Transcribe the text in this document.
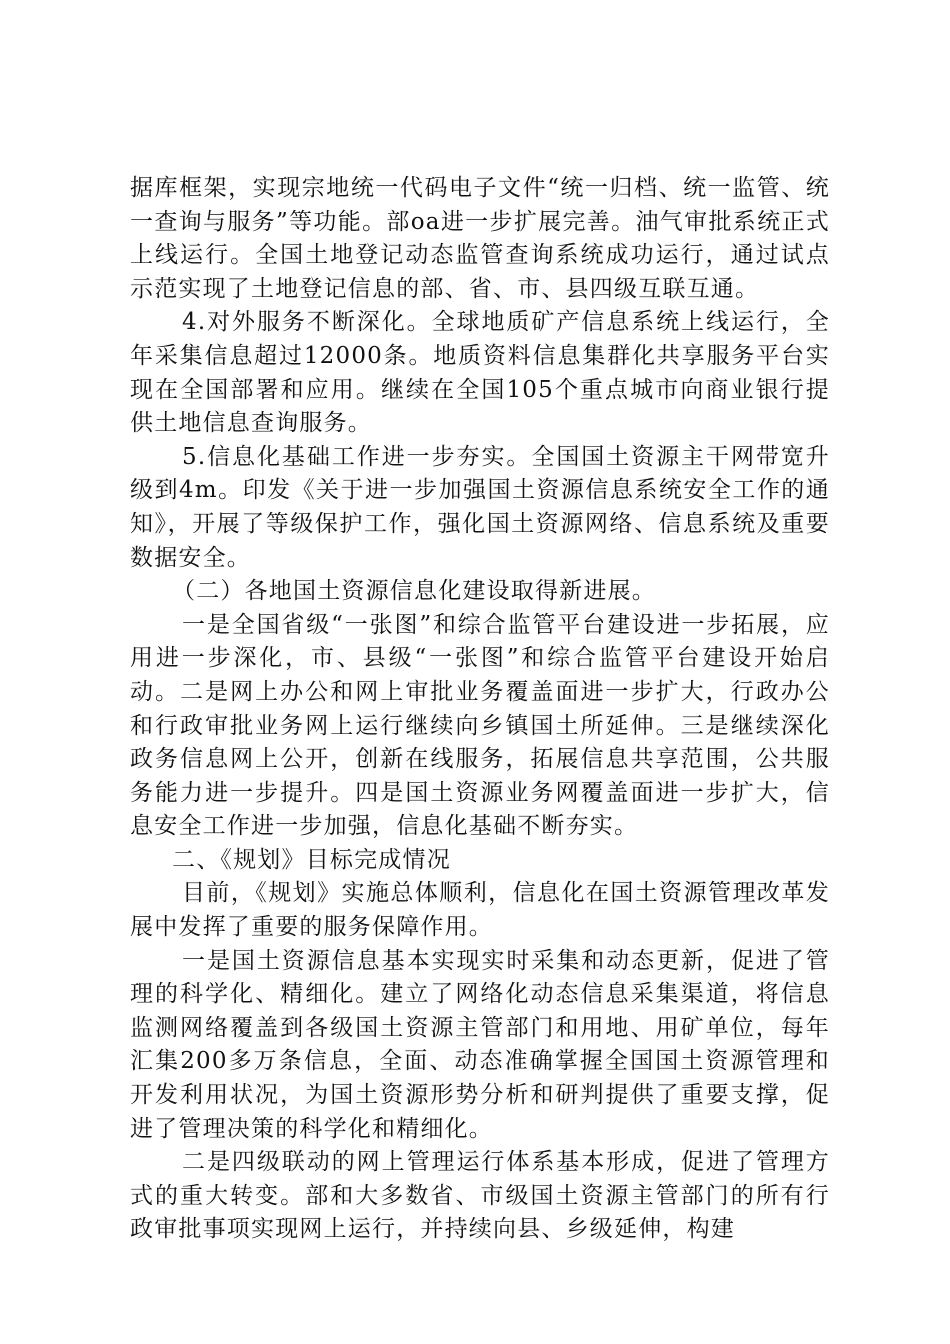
据库框架，实现宗地统一代码电子文件“统一归档、统一监管、统一查询与服务”等功能。部oa进一步扩展完善。油气审批系统正式上线运行。全国土地登记动态监管查询系统成功运行，通过试点示范实现了土地登记信息的部、省、市、县四级互联互通。

4.对外服务不断深化。全球地质矿产信息系统上线运行，全年采集信息超过12000条。地质资料信息集群化共享服务平台实现在全国部署和应用。继续在全国105个重点城市向商业银行提供土地信息查询服务。

5.信息化基础工作进一步夯实。全国国土资源主干网带宽升级到4m。印发《关于进一步加强国土资源信息系统安全工作的通知》，开展了等级保护工作，强化国土资源网络、信息系统及重要数据安全。

（二）各地国土资源信息化建设取得新进展。

一是全国省级“一张图”和综合监管平台建设进一步拓展，应用进一步深化，市、县级“一张图”和综合监管平台建设开始启动。二是网上办公和网上审批业务覆盖面进一步扩大，行政办公和行政审批业务网上运行继续向乡镇国土所延伸。三是继续深化政务信息网上公开，创新在线服务，拓展信息共享范围，公共服务能力进一步提升。四是国土资源业务网覆盖面进一步扩大，信息安全工作进一步加强，信息化基础不断夯实。

二、《规划》目标完成情况

目前，《规划》实施总体顺利，信息化在国土资源管理改革发展中发挥了重要的服务保障作用。

一是国土资源信息基本实现实时采集和动态更新，促进了管理的科学化、精细化。建立了网络化动态信息采集渠道，将信息监测网络覆盖到各级国土资源主管部门和用地、用矿单位，每年汇集200多万条信息，全面、动态准确掌握全国国土资源管理和开发利用状况，为国土资源形势分析和研判提供了重要支撑，促进了管理决策的科学化和精细化。

二是四级联动的网上管理运行体系基本形成，促进了管理方式的重大转变。部和大多数省、市级国土资源主管部门的所有行政审批事项实现网上运行，并持续向县、乡级延伸，构建
